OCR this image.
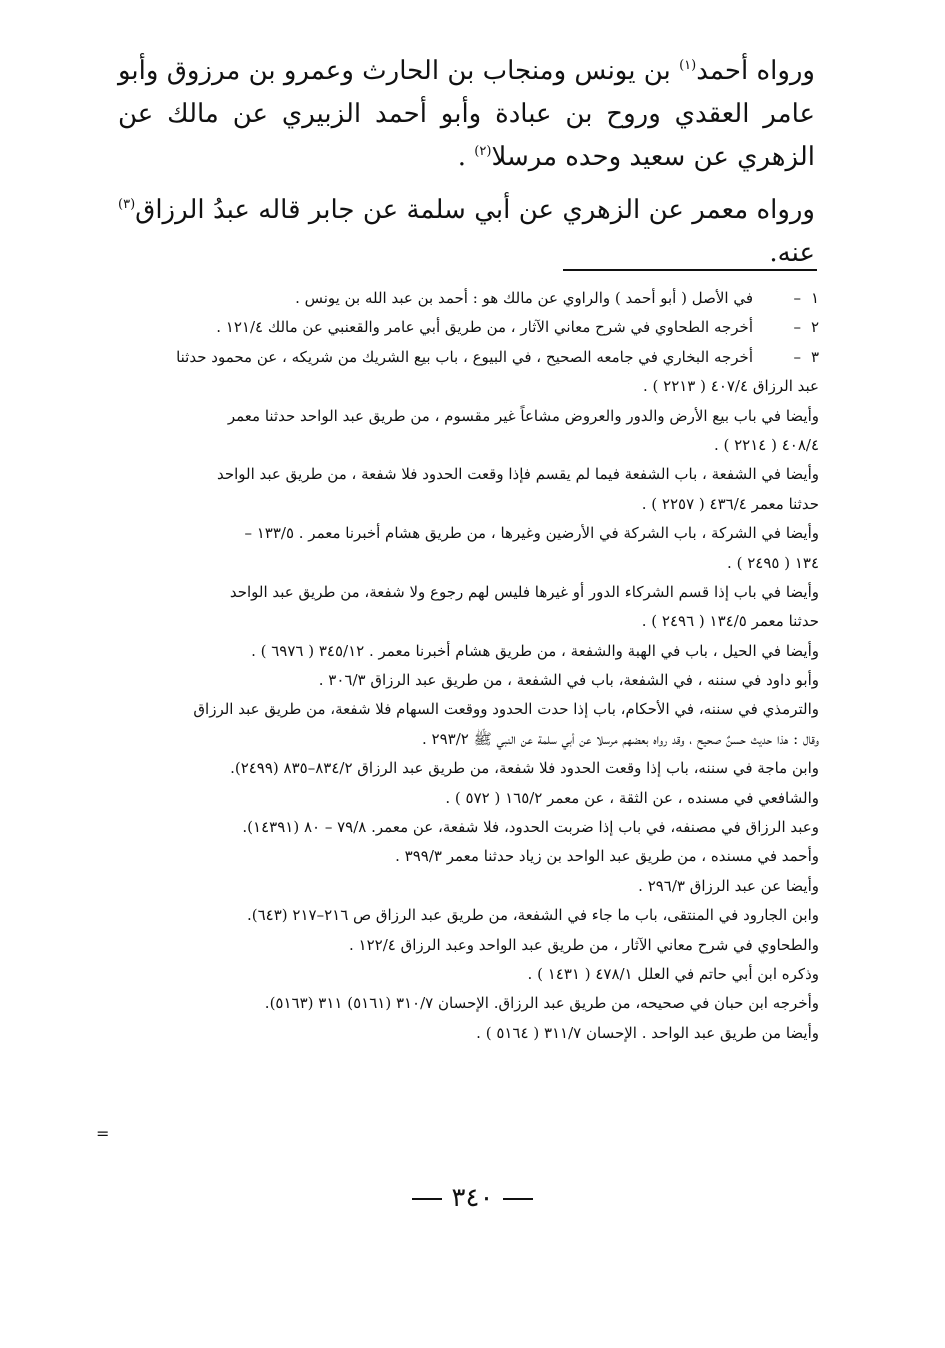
ورواه أحمد$^{(١)}$ بن يونس ومنجاب بن الحارث وعمرو بن مرزوق وأبو عامر العقدي وروح بن عبادة وأبو أحمد الزبيري عن مالك عن الزهري عن سعيد وحده مرسلا$^{(٢)}$ .

ورواه معمر عن الزهري عن أبي سلمة عن جابر قاله عبدُ الرزاق$^{(٣)}$ عنه.

١
–
في الأصل ( أبو أحمد ) والراوي عن مالك هو : أحمد بن عبد الله بن يونس .
٢
–
أخرجه الطحاوي في شرح معاني الآثار ، من طريق أبي عامر والقعنبي عن مالك ١٢١/٤ .
٣
–
أخرجه البخاري في جامعه الصحيح ، في البيوع ، باب بيع الشريك من شريكه ، عن محمود حدثنا
عبد الرزاق ٤٠٧/٤ ( ٢٢١٣ ) .
وأيضا في باب بيع الأرض والدور والعروض مشاعاً غير مقسوم ، من طريق عبد الواحد حدثنا معمر
٤٠٨/٤ ( ٢٢١٤ ) .
وأيضا في الشفعة ، باب الشفعة فيما لم يقسم فإذا وقعت الحدود فلا شفعة ، من طريق عبد الواحد
حدثنا معمر ٤٣٦/٤ ( ٢٢٥٧ ) .
وأيضا في الشركة ، باب الشركة في الأرضين وغيرها ، من طريق هشام أخبرنا معمر . ١٣٣/٥ –
١٣٤ ( ٢٤٩٥ ) .
وأيضا في باب إذا قسم الشركاء الدور أو غيرها فليس لهم رجوع ولا شفعة، من طريق عبد الواحد
حدثنا معمر ١٣٤/٥ ( ٢٤٩٦ ) .
وأيضا في الحيل ، باب في الهبة والشفعة ، من طريق هشام أخبرنا معمر . ٣٤٥/١٢ ( ٦٩٧٦ ) .
وأبو داود في سننه ، في الشفعة، باب في الشفعة ، من طريق عبد الرزاق ٣٠٦/٣ .
والترمذي في سننه، في الأحكام، باب إذا حدت الحدود ووقعت السهام فلا شفعة، من طريق عبد الرزاق
وقال : هذا حديث حسنٌ صحيح ، وقد رواه بعضهم مرسلا عن أبي سلمة عن النبي ﷺ ٢٩٣/٢ .
وابن ماجة في سننه، باب إذا وقعت الحدود فلا شفعة، من طريق عبد الرزاق ٨٣٤/٢–٨٣٥ (٢٤٩٩).
والشافعي في مسنده ، عن الثقة ، عن معمر ١٦٥/٢ ( ٥٧٢ ) .
وعبد الرزاق في مصنفه، في باب إذا ضربت الحدود، فلا شفعة، عن معمر. ٧٩/٨ – ٨٠ (١٤٣٩١).
وأحمد في مسنده ، من طريق عبد الواحد بن زياد حدثنا معمر ٣٩٩/٣ .
وأيضا عن عبد الرزاق ٢٩٦/٣ .
وابن الجارود في المنتقى، باب ما جاء في الشفعة، من طريق عبد الرزاق ص ٢١٦–٢١٧ (٦٤٣).
والطحاوي في شرح معاني الآثار ، من طريق عبد الواحد وعبد الرزاق ١٢٢/٤ .
وذكره ابن أبي حاتم في العلل ٤٧٨/١ ( ١٤٣١ ) .
وأخرجه ابن حبان في صحيحه، من طريق عبد الرزاق. الإحسان ٣١٠/٧ (٥١٦١) ٣١١ (٥١٦٣).
وأيضا من طريق عبد الواحد . الإحسان ٣١١/٧ ( ٥١٦٤ ) .
=
٣٤٠
